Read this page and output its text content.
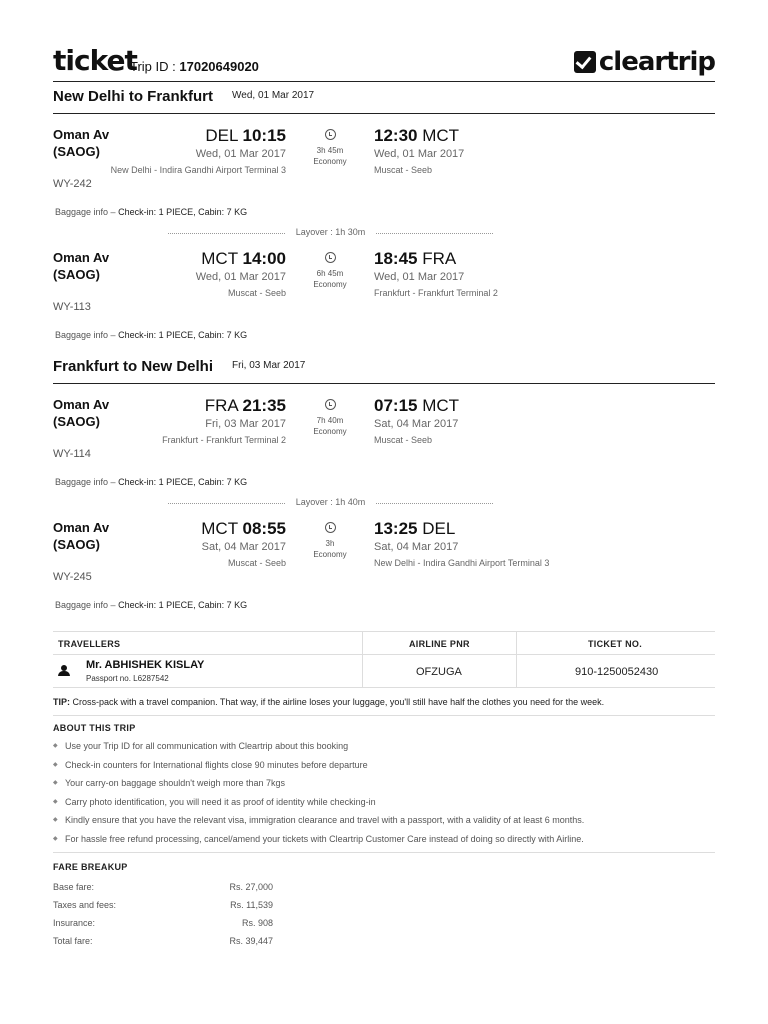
ticket
Trip ID : 17020649020	cleartrip
New Delhi to Frankfurt Wed, 01 Mar 2017
Oman Av (SAOG)
WY-242
DEL 10:15
Wed, 01 Mar 2017
New Delhi - Indira Gandhi Airport Terminal 3
3h 45m
Economy
12:30 MCT
Wed, 01 Mar 2017
Muscat - Seeb
Baggage info – Check-in: 1 PIECE, Cabin: 7 KG
Layover : 1h 30m
Oman Av (SAOG)
WY-113
MCT 14:00
Wed, 01 Mar 2017
Muscat - Seeb
6h 45m
Economy
18:45 FRA
Wed, 01 Mar 2017
Frankfurt - Frankfurt Terminal 2
Baggage info – Check-in: 1 PIECE, Cabin: 7 KG
Frankfurt to New Delhi Fri, 03 Mar 2017
Oman Av (SAOG)
WY-114
FRA 21:35
Fri, 03 Mar 2017
Frankfurt - Frankfurt Terminal 2
7h 40m
Economy
07:15 MCT
Sat, 04 Mar 2017
Muscat - Seeb
Baggage info – Check-in: 1 PIECE, Cabin: 7 KG
Layover : 1h 40m
Oman Av (SAOG)
WY-245
MCT 08:55
Sat, 04 Mar 2017
Muscat - Seeb
3h
Economy
13:25 DEL
Sat, 04 Mar 2017
New Delhi - Indira Gandhi Airport Terminal 3
Baggage info – Check-in: 1 PIECE, Cabin: 7 KG
TRAVELLERS	AIRLINE PNR	TICKET NO.
Mr. ABHISHEK KISLAY
Passport no. L6287542
OFZUGA	910-1250052430
TIP: Cross-pack with a travel companion. That way, if the airline loses your luggage, you'll still have half the clothes you need for the week.
ABOUT THIS TRIP
◆ Use your Trip ID for all communication with Cleartrip about this booking
◆ Check-in counters for International flights close 90 minutes before departure
◆ Your carry-on baggage shouldn't weigh more than 7kgs
◆ Carry photo identification, you will need it as proof of identity while checking-in
◆ Kindly ensure that you have the relevant visa, immigration clearance and travel with a passport, with a validity of at least 6 months.
◆ For hassle free refund processing, cancel/amend your tickets with Cleartrip Customer Care instead of doing so directly with Airline.
FARE BREAKUP
Base fare:	Rs. 27,000
Taxes and fees:	Rs. 11,539
Insurance:	Rs. 908
Total fare:	Rs. 39,447
